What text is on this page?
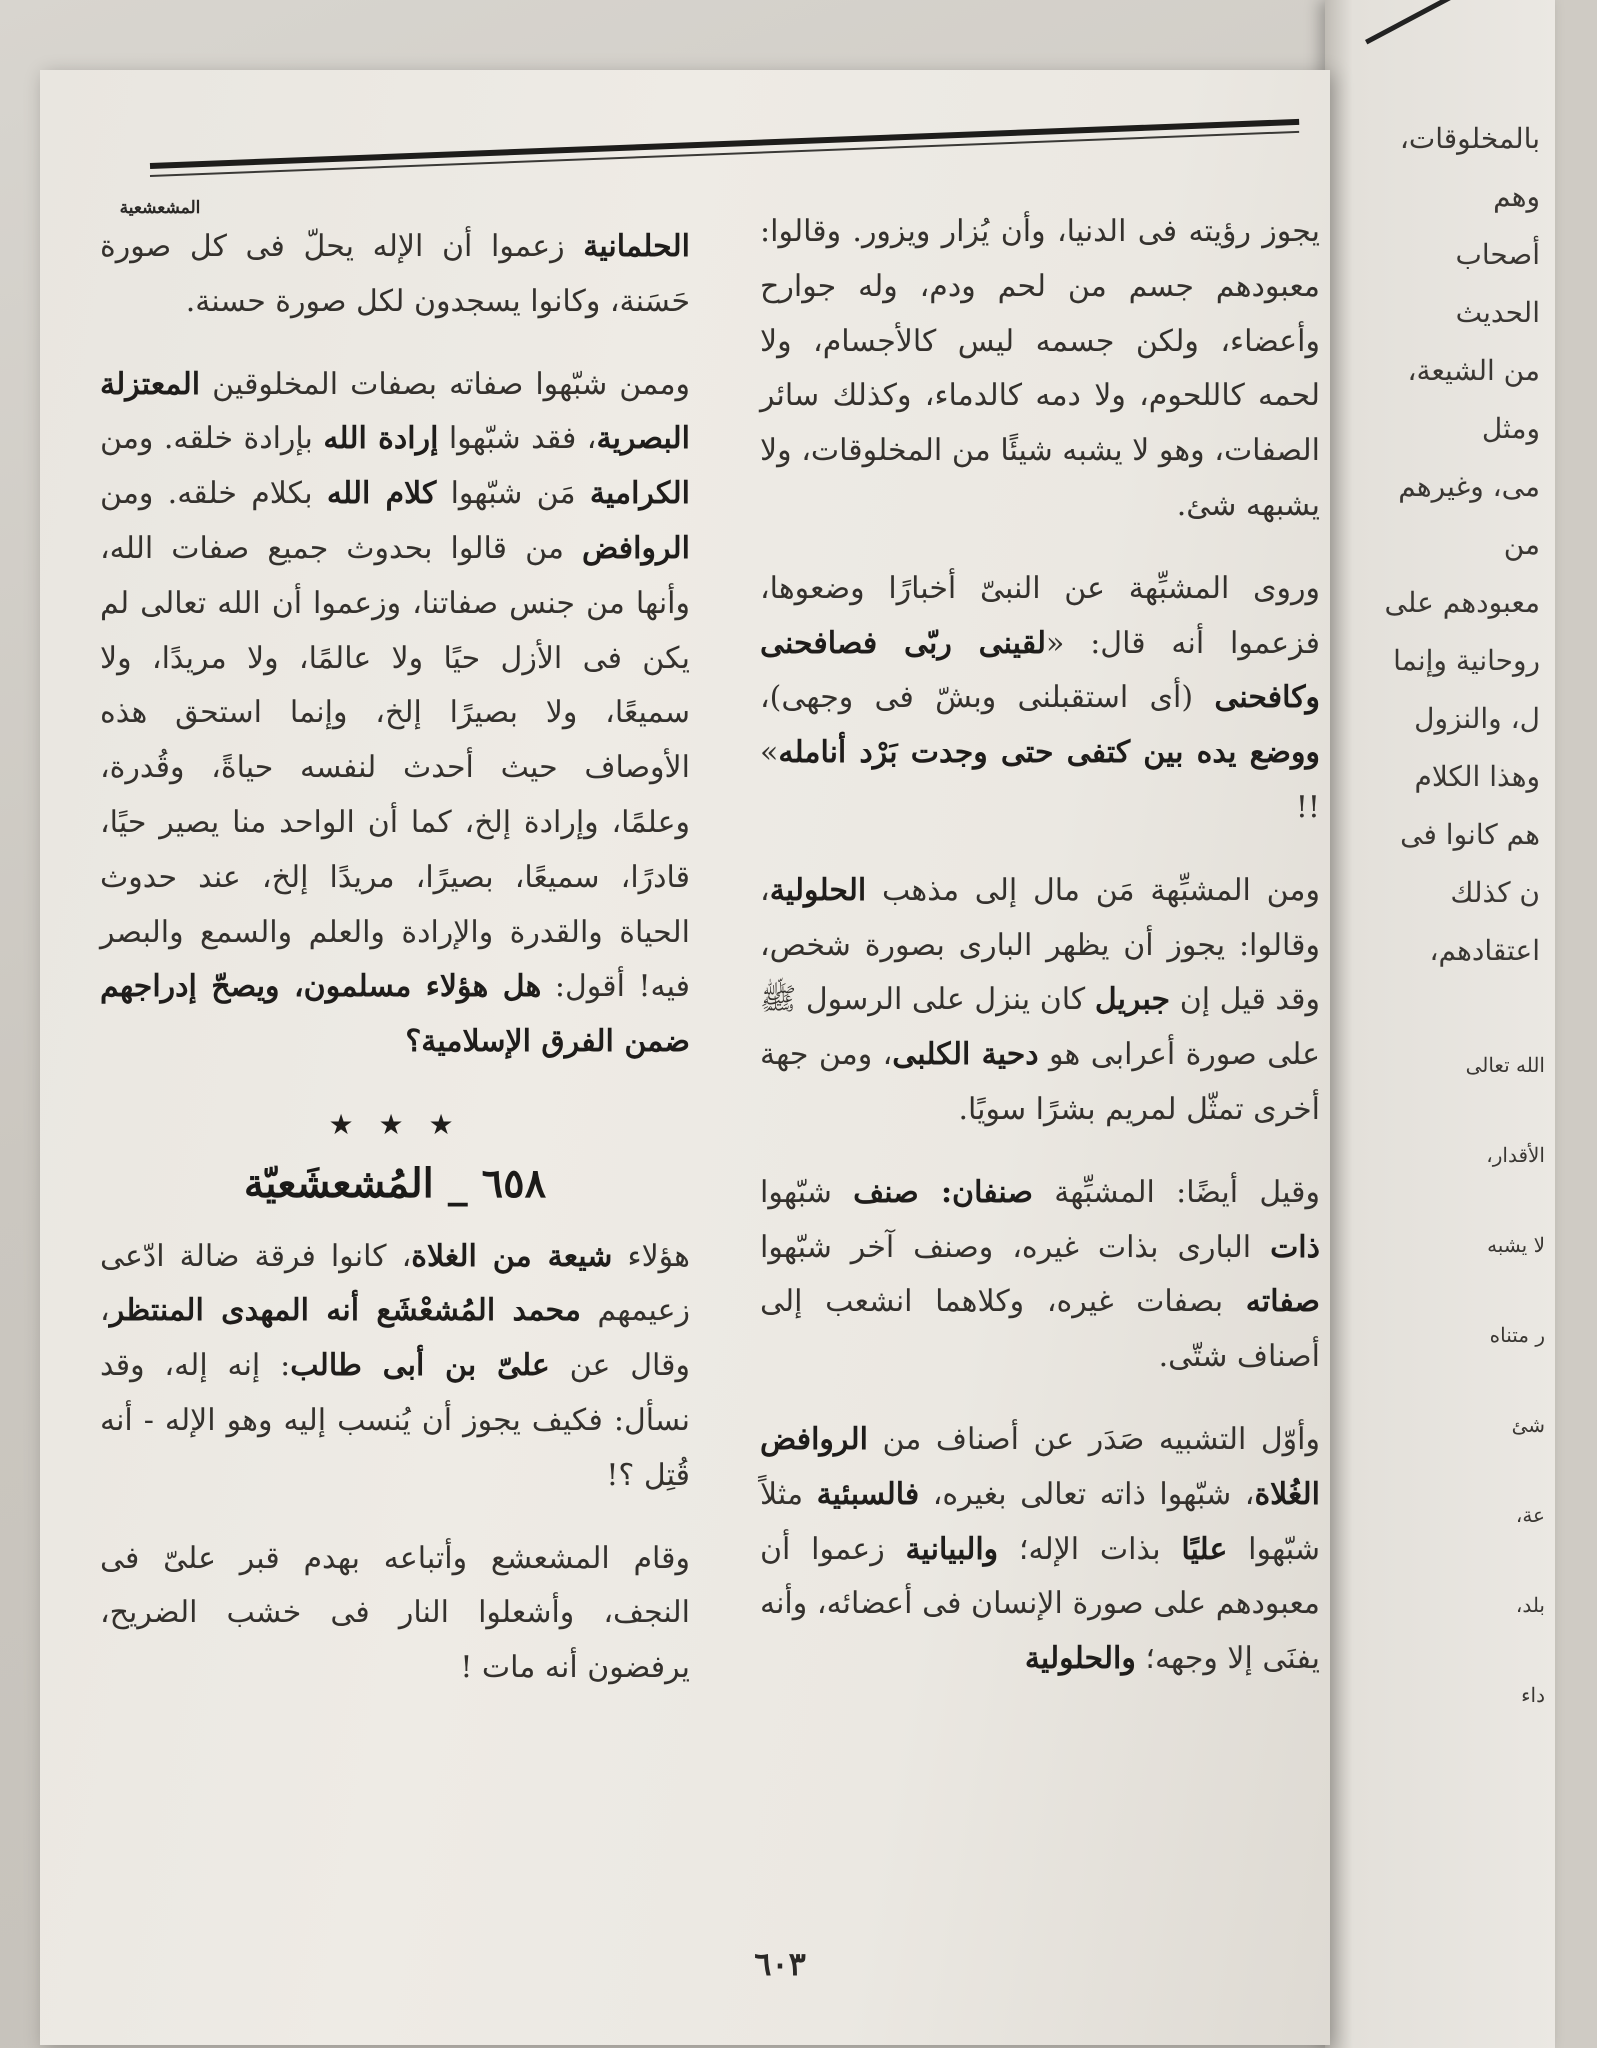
بالمخلوقات، وهم
أصحاب الحديث
من الشيعة، ومثل
مى، وغيرهم من
معبودهم على
روحانية وإنما
ل، والنزول
وهذا الكلام
هم كانوا فى
ن كذلك
اعتقادهم،
الله تعالى
الأقدار،
لا يشبه
ر متناه
شئ
عة،
بلد،
داء
المشعشعية

يجوز رؤيته فى الدنيا، وأن يُزار ويزور. وقالوا: معبودهم جسم من لحم ودم، وله جوارح وأعضاء، ولكن جسمه ليس كالأجسام، ولا لحمه كاللحوم، ولا دمه كالدماء، وكذلك سائر الصفات، وهو لا يشبه شيئًا من المخلوقات، ولا يشبهه شئ.

وروى المشبِّهة عن النبىّ أخبارًا وضعوها، فزعموا أنه قال: «لقينى ربّى فصافحنى وكافحنى (أى استقبلنى وبشّ فى وجهى)، ووضع يده بين كتفى حتى وجدت بَرْد أنامله» !!

ومن المشبِّهة مَن مال إلى مذهب الحلولية، وقالوا: يجوز أن يظهر البارى بصورة شخص، وقد قيل إن جبريل كان ينزل على الرسول ﷺ على صورة أعرابى هو دحية الكلبى، ومن جهة أخرى تمثّل لمريم بشرًا سويًا.

وقيل أيضًا: المشبِّهة صنفان: صنف شبّهوا ذات البارى بذات غيره، وصنف آخر شبّهوا صفاته بصفات غيره، وكلاهما انشعب إلى أصناف شتّى.

وأوّل التشبيه صَدَر عن أصناف من الروافض الغُلاة، شبّهوا ذاته تعالى بغيره، فالسبئية مثلاً شبّهوا عليًا بذات الإله؛ والبيانية زعموا أن معبودهم على صورة الإنسان فى أعضائه، وأنه يفنَى إلا وجهه؛ والحلولية

الحلمانية زعموا أن الإله يحلّ فى كل صورة حَسَنة، وكانوا يسجدون لكل صورة حسنة.

وممن شبّهوا صفاته بصفات المخلوقين المعتزلة البصرية، فقد شبّهوا إرادة الله بإرادة خلقه. ومن الكرامية مَن شبّهوا كلام الله بكلام خلقه. ومن الروافض من قالوا بحدوث جميع صفات الله، وأنها من جنس صفاتنا، وزعموا أن الله تعالى لم يكن فى الأزل حيًا ولا عالمًا، ولا مريدًا، ولا سميعًا، ولا بصيرًا إلخ، وإنما استحق هذه الأوصاف حيث أحدث لنفسه حياةً، وقُدرة، وعلمًا، وإرادة إلخ، كما أن الواحد منا يصير حيًا، قادرًا، سميعًا، بصيرًا، مريدًا إلخ، عند حدوث الحياة والقدرة والإرادة والعلم والسمع والبصر فيه! أقول: هل هؤلاء مسلمون، ويصحّ إدراجهم ضمن الفرق الإسلامية؟

★ ★ ★
٦٥٨ _ المُشعشَعيّة

هؤلاء شيعة من الغلاة، كانوا فرقة ضالة ادّعى زعيمهم محمد المُشعْشَع أنه المهدى المنتظر، وقال عن علىّ بن أبى طالب: إنه إله، وقد نسأل: فكيف يجوز أن يُنسب إليه وهو الإله - أنه قُتِل ؟!

وقام المشعشع وأتباعه بهدم قبر علىّ فى النجف، وأشعلوا النار فى خشب الضريح، يرفضون أنه مات !

٦٠٣
